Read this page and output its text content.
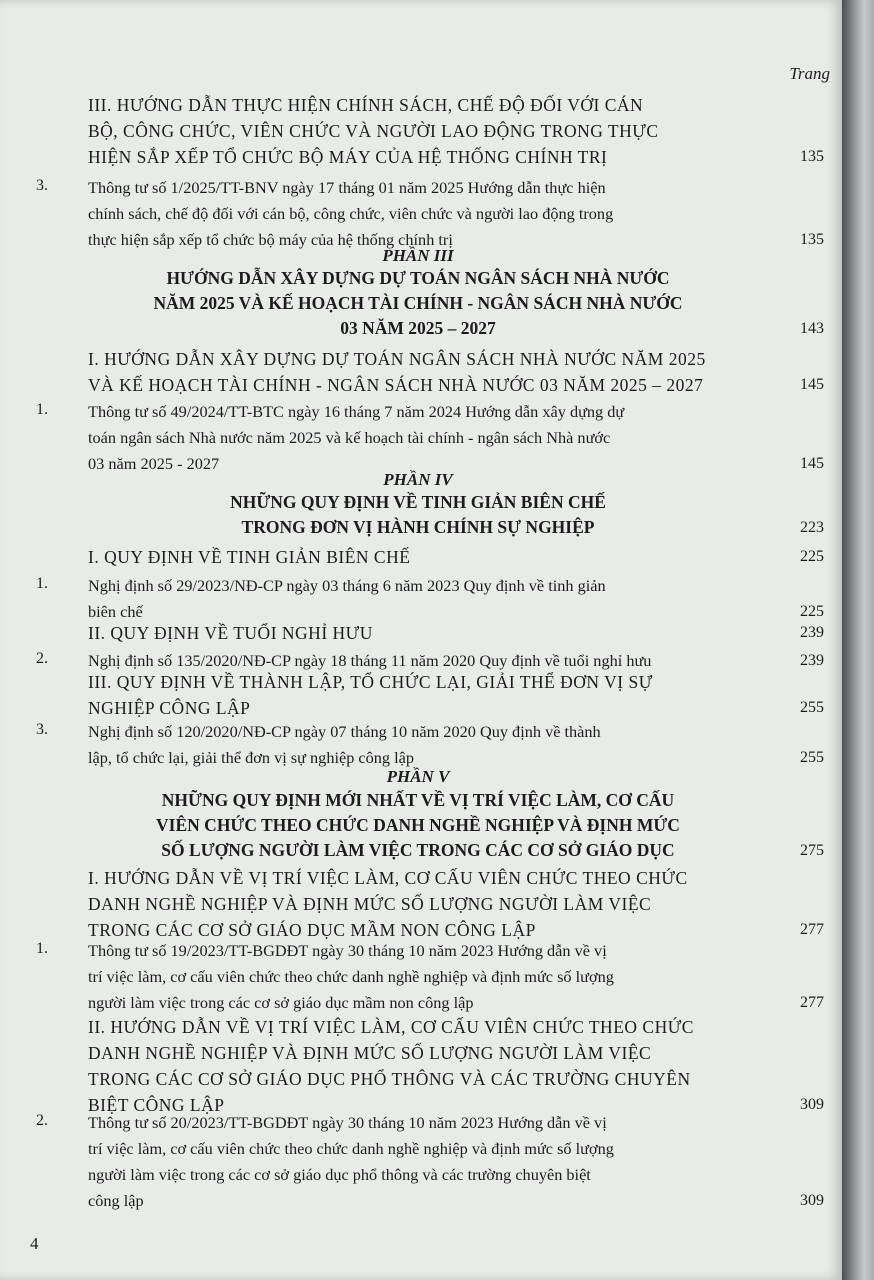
Trang
III. HƯỚNG DẪN THỰC HIỆN CHÍNH SÁCH, CHẾ ĐỘ ĐỐI VỚI CÁN
BỘ, CÔNG CHỨC, VIÊN CHỨC VÀ NGƯỜI LAO ĐỘNG TRONG THỰC
HIỆN SẮP XẾP TỔ CHỨC BỘ MÁY CỦA HỆ THỐNG CHÍNH TRỊ	135
3. Thông tư số 1/2025/TT-BNV ngày 17 tháng 01 năm 2025 Hướng dẫn thực hiện
chính sách, chế độ đối với cán bộ, công chức, viên chức và người lao động trong
thực hiện sắp xếp tổ chức bộ máy của hệ thống chính trị	135
PHẦN III
HƯỚNG DẪN XÂY DỰNG DỰ TOÁN NGÂN SÁCH NHÀ NƯỚC
NĂM 2025 VÀ KẾ HOẠCH TÀI CHÍNH - NGÂN SÁCH NHÀ NƯỚC
03 NĂM 2025 – 2027	143
I. HƯỚNG DẪN XÂY DỰNG DỰ TOÁN NGÂN SÁCH NHÀ NƯỚC NĂM 2025
VÀ KẾ HOẠCH TÀI CHÍNH - NGÂN SÁCH NHÀ NƯỚC 03 NĂM 2025 – 2027	145
1. Thông tư số 49/2024/TT-BTC ngày 16 tháng 7 năm 2024 Hướng dẫn xây dựng dự
toán ngân sách Nhà nước năm 2025 và kế hoạch tài chính - ngân sách Nhà nước
03 năm 2025 - 2027	145
PHẦN IV
NHỮNG QUY ĐỊNH VỀ TINH GIẢN BIÊN CHẾ
TRONG ĐƠN VỊ HÀNH CHÍNH SỰ NGHIỆP	223
I. QUY ĐỊNH VỀ TINH GIẢN BIÊN CHẾ	225
1. Nghị định số 29/2023/NĐ-CP ngày 03 tháng 6 năm 2023 Quy định về tinh giản
biên chế	225
II. QUY ĐỊNH VỀ TUỔI NGHỈ HƯU	239
2. Nghị định số 135/2020/NĐ-CP ngày 18 tháng 11 năm 2020 Quy định về tuổi nghỉ hưu	239
III. QUY ĐỊNH VỀ THÀNH LẬP, TỔ CHỨC LẠI, GIẢI THỂ ĐƠN VỊ SỰ
NGHIỆP CÔNG LẬP	255
3. Nghị định số 120/2020/NĐ-CP ngày 07 tháng 10 năm 2020 Quy định về thành
lập, tổ chức lại, giải thể đơn vị sự nghiệp công lập	255
PHẦN V
NHỮNG QUY ĐỊNH MỚI NHẤT VỀ VỊ TRÍ VIỆC LÀM, CƠ CẤU
VIÊN CHỨC THEO CHỨC DANH NGHỀ NGHIỆP VÀ ĐỊNH MỨC
SỐ LƯỢNG NGƯỜI LÀM VIỆC TRONG CÁC CƠ SỞ GIÁO DỤC	275
I. HƯỚNG DẪN VỀ VỊ TRÍ VIỆC LÀM, CƠ CẤU VIÊN CHỨC THEO CHỨC
DANH NGHỀ NGHIỆP VÀ ĐỊNH MỨC SỐ LƯỢNG NGƯỜI LÀM VIỆC
TRONG CÁC CƠ SỞ GIÁO DỤC MẦM NON CÔNG LẬP	277
1. Thông tư số 19/2023/TT-BGDĐT ngày 30 tháng 10 năm 2023 Hướng dẫn về vị
trí việc làm, cơ cấu viên chức theo chức danh nghề nghiệp và định mức số lượng
người làm việc trong các cơ sở giáo dục mầm non công lập	277
II. HƯỚNG DẪN VỀ VỊ TRÍ VIỆC LÀM, CƠ CẤU VIÊN CHỨC THEO CHỨC
DANH NGHỀ NGHIỆP VÀ ĐỊNH MỨC SỐ LƯỢNG NGƯỜI LÀM VIỆC
TRONG CÁC CƠ SỞ GIÁO DỤC PHỔ THÔNG VÀ CÁC TRƯỜNG CHUYÊN
BIỆT CÔNG LẬP	309
2. Thông tư số 20/2023/TT-BGDĐT ngày 30 tháng 10 năm 2023 Hướng dẫn về vị
trí việc làm, cơ cấu viên chức theo chức danh nghề nghiệp và định mức số lượng
người làm việc trong các cơ sở giáo dục phổ thông và các trường chuyên biệt
công lập	309
4
